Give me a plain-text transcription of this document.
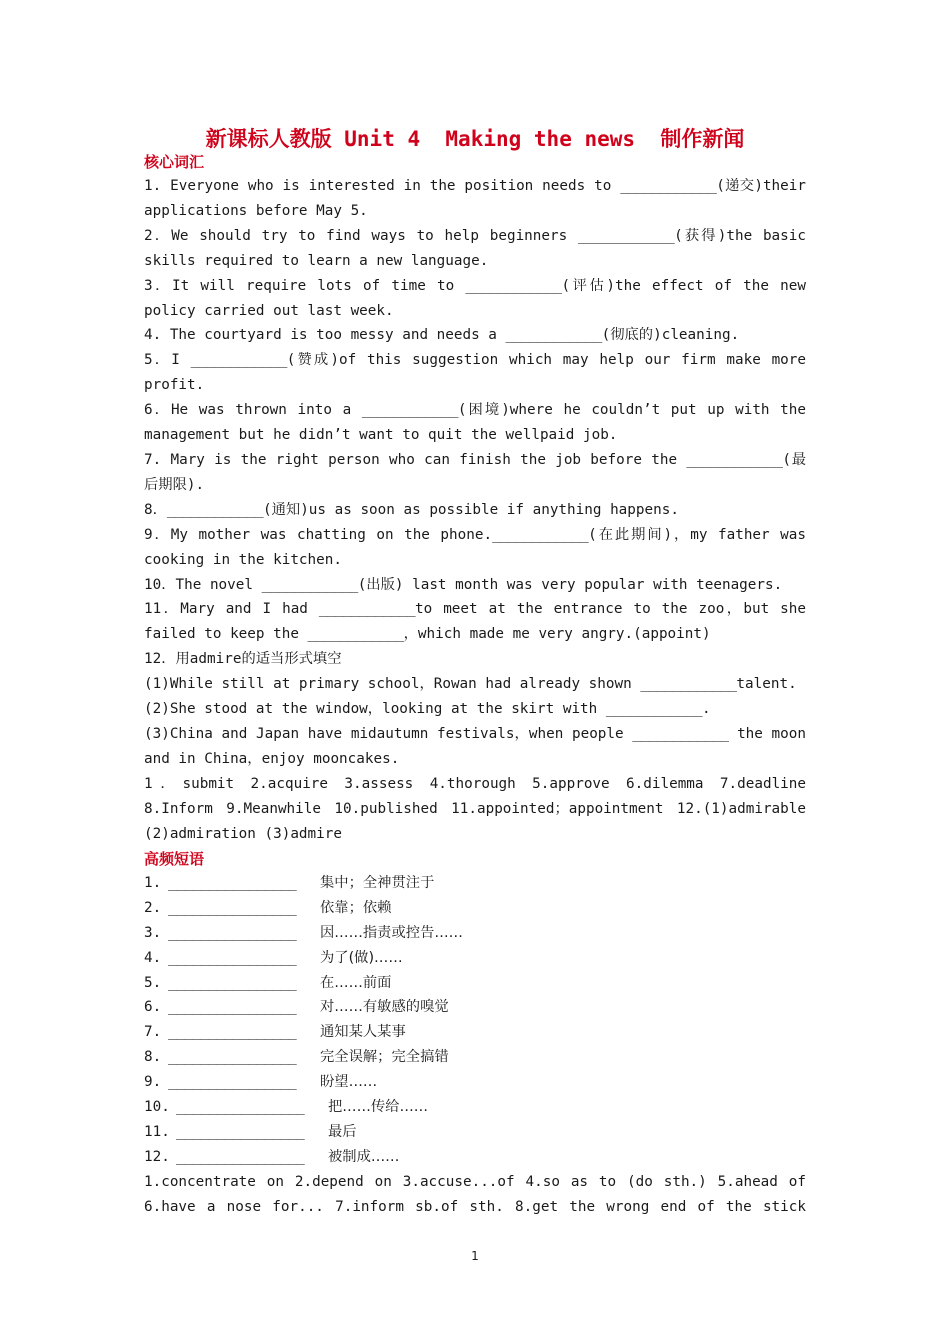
新课标人教版 Unit 4  Making the news  制作新闻
核心词汇

1. Everyone who is interested in the position needs to ____________(递交)their applications before May 5.

2．We should try to find ways to help beginners ____________(获得)the basic skills required to learn a new language.

3．It will require lots of time to ____________(评估)the effect of the new policy carried out last week.

4. The courtyard is too messy and needs a ____________(彻底的)cleaning.

5．I ____________(赞成)of this suggestion which may help our firm make more profit.

6．He was thrown into a ____________(困境)where he couldn’t put up with the management but he didn’t want to quit the wellpaid job.

7. Mary is the right person who can finish the job before the ____________(最后期限).

8．____________(通知)us as soon as possible if anything happens.

9．My mother was chatting on the phone.____________(在此期间)，my father was cooking in the kitchen.

10．The novel ____________(出版) last month was very popular with teenagers.

11．Mary and I had ____________to meet at the entrance to the zoo，but she failed to keep the ____________，which made me very angry.(appoint)

12．用admire的适当形式填空

(1)While still at primary school，Rowan had already shown ____________talent.

(2)She stood at the window，looking at the skirt with ____________.

(3)China and Japan have midautumn festivals，when people ____________ the moon and in China，enjoy mooncakes.

1．submit 2.acquire 3.assess 4.thorough 5.approve 6.dilemma 7.deadline 8.Inform 9.Meanwhile 10.published 11.appointed；appointment 12.(1)admirable (2)admiration (3)admire

高频短语
1. ________________	集中；全神贯注于
2. ________________	依靠；依赖
3. ________________	因……指责或控告……
4. ________________	为了(做)……
5. ________________	在……前面
6. ________________	对……有敏感的嗅觉
7. ________________	通知某人某事
8. ________________	完全误解；完全搞错
9. ________________	盼望……
10. ________________	把……传给……
11. ________________	最后
12. ________________	被制成……

1.concentrate on 2.depend on 3.accuse...of 4.so as to (do sth.) 5.ahead of

6.have a nose for... 7.inform sb.of sth. 8.get the wrong end of the stick

1
